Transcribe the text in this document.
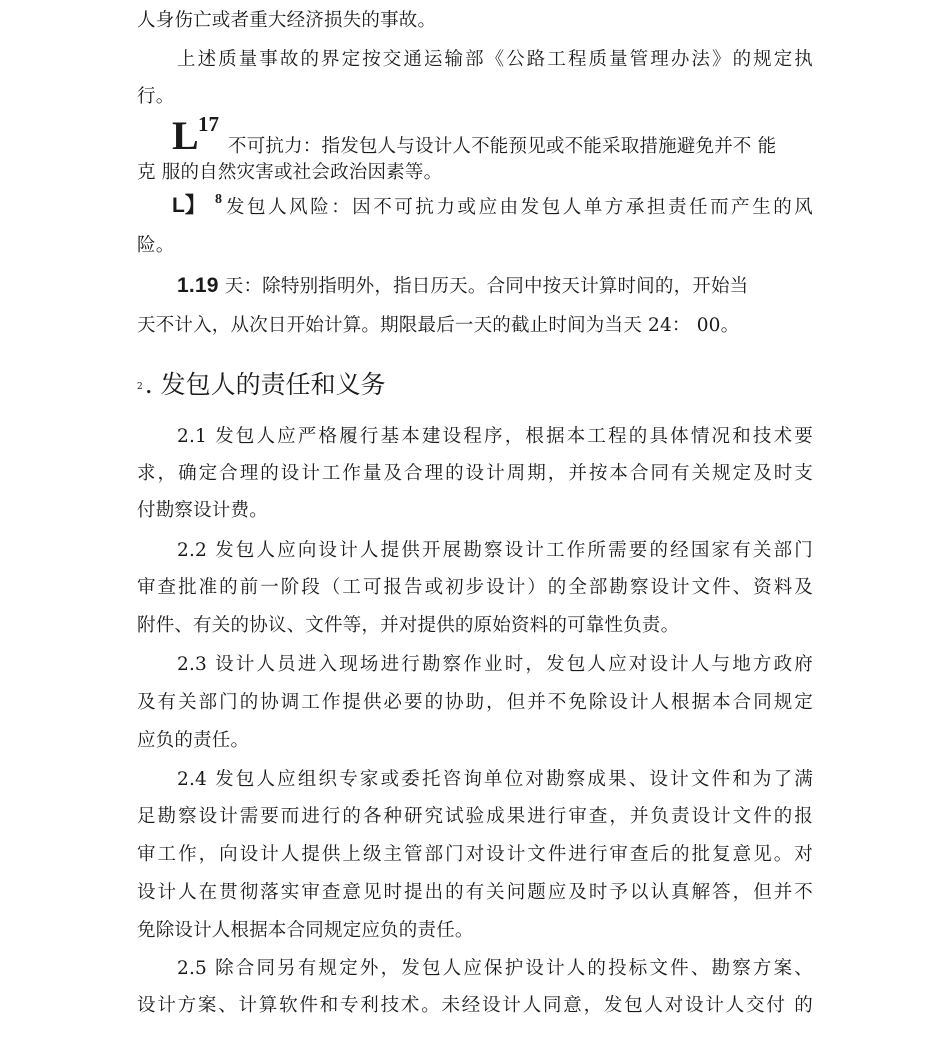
人身伤亡或者重大经济损失的事故。
上述质量事故的界定按交通运输部《公路工程质量管理办法》的规定执
行。
L 17
不可抗力：指发包人与设计人不能预见或不能采取措施避免并不 能
克 服的自然灾害或社会政治因素等。
L】 8 发包人风险：因不可抗力或应由发包人单方承担责任而产生的风
险。
1.19 天：除特别指明外，指日历天。合同中按天计算时间的，开始当
天不计入，从次日开始计算。期限最后一天的截止时间为当天 24： 00。
2. 发包人的责任和义务
2.1 发包人应严格履行基本建设程序，根据本工程的具体情况和技术要
求，确定合理的设计工作量及合理的设计周期，并按本合同有关规定及时支
付勘察设计费。
2.2 发包人应向设计人提供开展勘察设计工作所需要的经国家有关部门
审查批准的前一阶段（工可报告或初步设计）的全部勘察设计文件、资料及
附件、有关的协议、文件等，并对提供的原始资料的可靠性负责。
2.3 设计人员进入现场进行勘察作业时，发包人应对设计人与地方政府
及有关部门的协调工作提供必要的协助，但并不免除设计人根据本合同规定
应负的责任。
2.4 发包人应组织专家或委托咨询单位对勘察成果、设计文件和为了满
足勘察设计需要而进行的各种研究试验成果进行审查，并负责设计文件的报
审工作，向设计人提供上级主管部门对设计文件进行审查后的批复意见。对
设计人在贯彻落实审查意见时提出的有关问题应及时予以认真解答，但并不
免除设计人根据本合同规定应负的责任。
2.5 除合同另有规定外，发包人应保护设计人的投标文件、勘察方案、
设计方案、计算软件和专利技术。未经设计人同意，发包人对设计人交付 的
